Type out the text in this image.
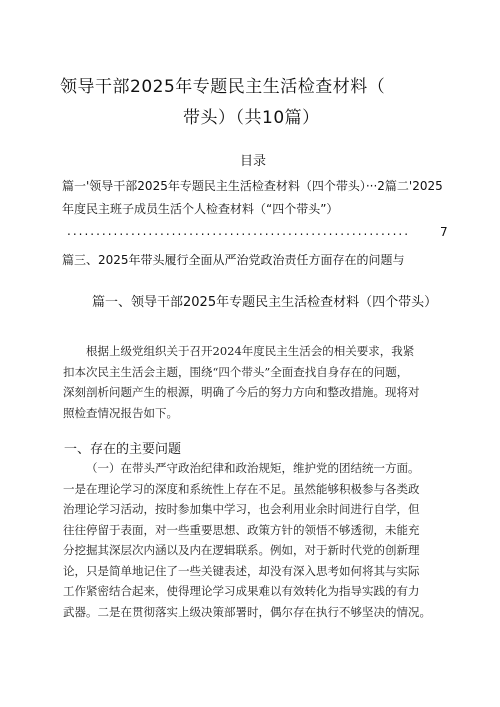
领导干部2025年专题民主生活检查材料（
带头）（共10篇）
目录
篇一'领导干部2025年专题民主生活检查材料（四个带头）···2篇二'2025
年度民主班子成员生活个人检查材料（“四个带头”）
...........................................................	7
篇三、2025年带头履行全面从严治党政治责任方面存在的问题与
篇一、领导干部2025年专题民主生活检查材料（四个带头）
根据上级党组织关于召开2024年度民主生活会的相关要求，我紧
扣本次民主生活会主题，围绕“四个带头”全面查找自身存在的问题，
深刻剖析问题产生的根源，明确了今后的努力方向和整改措施。现将对
照检查情况报告如下。
一、存在的主要问题
（一）在带头严守政治纪律和政治规矩，维护党的团结统一方面。
一是在理论学习的深度和系统性上存在不足。虽然能够积极参与各类政
治理论学习活动，按时参加集中学习，也会利用业余时间进行自学，但
往往停留于表面，对一些重要思想、政策方针的领悟不够透彻，未能充
分挖掘其深层次内涵以及内在逻辑联系。例如，对于新时代党的创新理
论，只是简单地记住了一些关键表述，却没有深入思考如何将其与实际
工作紧密结合起来，使得理论学习成果难以有效转化为指导实践的有力
武器。二是在贯彻落实上级决策部署时，偶尔存在执行不够坚决的情况。
